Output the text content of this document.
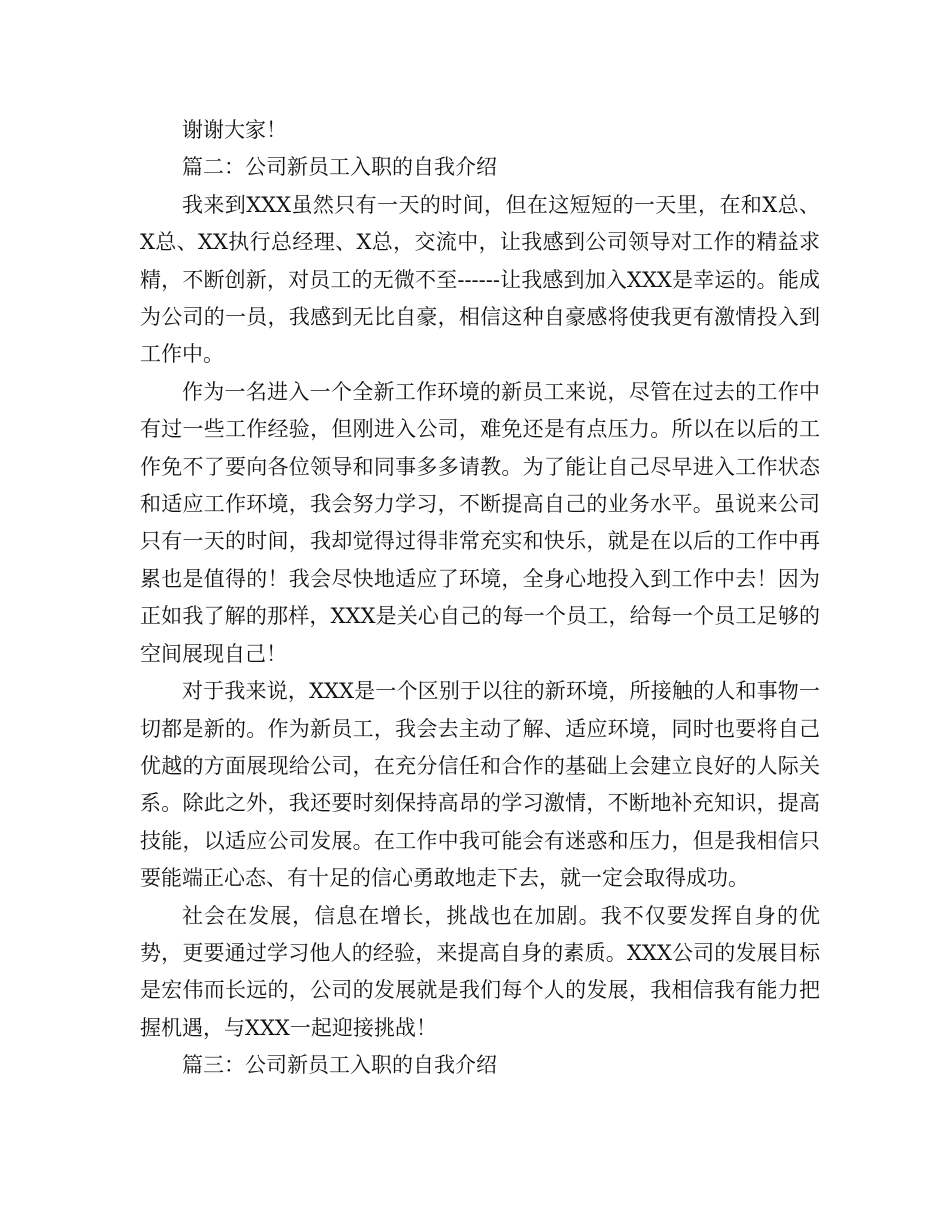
谢谢大家！

篇二：公司新员工入职的自我介绍

我来到XXX虽然只有一天的时间，但在这短短的一天里，在和X总、X总、XX执行总经理、X总，交流中，让我感到公司领导对工作的精益求精，不断创新，对员工的无微不至------让我感到加入XXX是幸运的。能成为公司的一员，我感到无比自豪，相信这种自豪感将使我更有激情投入到工作中。

作为一名进入一个全新工作环境的新员工来说，尽管在过去的工作中有过一些工作经验，但刚进入公司，难免还是有点压力。所以在以后的工作免不了要向各位领导和同事多多请教。为了能让自己尽早进入工作状态和适应工作环境，我会努力学习，不断提高自己的业务水平。虽说来公司只有一天的时间，我却觉得过得非常充实和快乐，就是在以后的工作中再累也是值得的！我会尽快地适应了环境，全身心地投入到工作中去！因为正如我了解的那样，XXX是关心自己的每一个员工，给每一个员工足够的空间展现自己！

对于我来说，XXX是一个区别于以往的新环境，所接触的人和事物一切都是新的。作为新员工，我会去主动了解、适应环境，同时也要将自己优越的方面展现给公司，在充分信任和合作的基础上会建立良好的人际关系。除此之外，我还要时刻保持高昂的学习激情，不断地补充知识，提高技能，以适应公司发展。在工作中我可能会有迷惑和压力，但是我相信只要能端正心态、有十足的信心勇敢地走下去，就一定会取得成功。

社会在发展，信息在增长，挑战也在加剧。我不仅要发挥自身的优势，更要通过学习他人的经验，来提高自身的素质。XXX公司的发展目标是宏伟而长远的，公司的发展就是我们每个人的发展，我相信我有能力把握机遇，与XXX一起迎接挑战！

篇三：公司新员工入职的自我介绍
